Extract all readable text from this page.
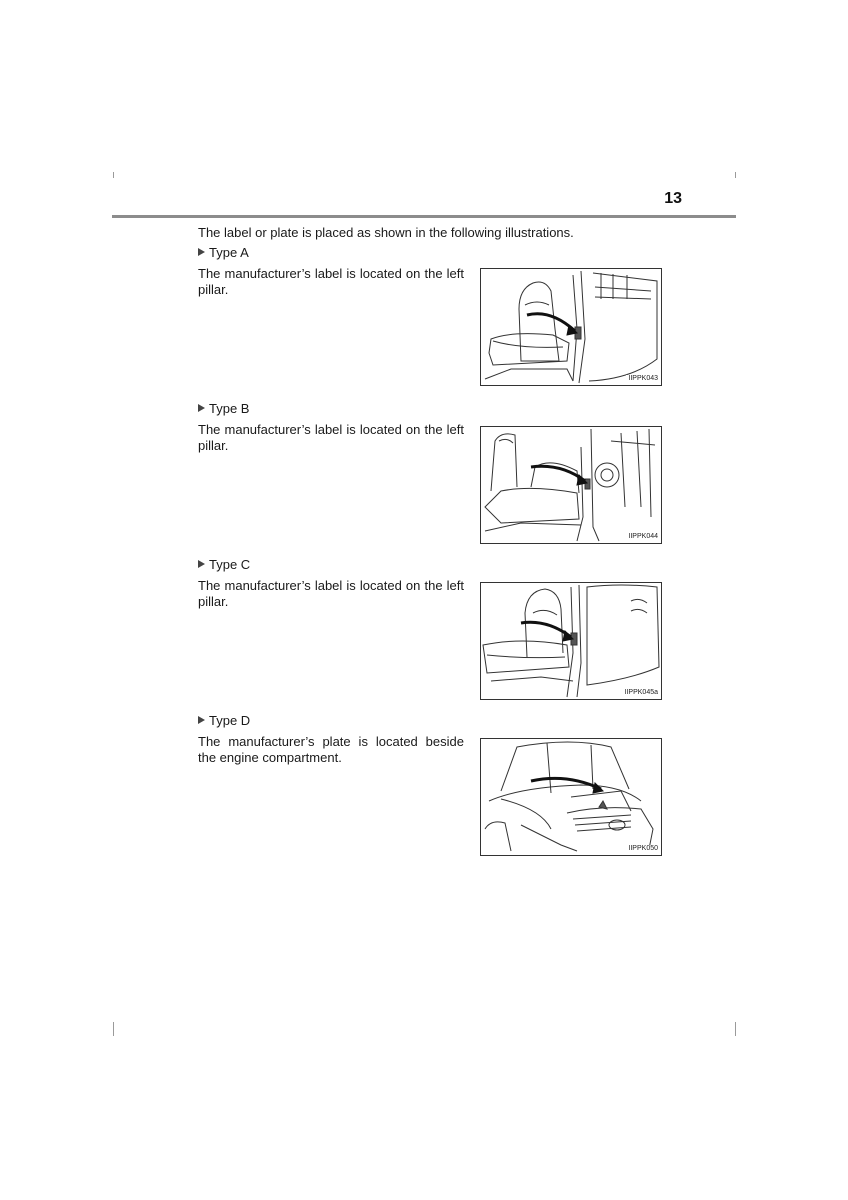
13
The label or plate is placed as shown in the following illustrations.
Type A
The manufacturer’s label is located on the left pillar.
IIPPK043
Type B
The manufacturer’s label is located on the left pillar.
IIPPK044
Type C
The manufacturer’s label is located on the left pillar.
IIPPK045a
Type D
The manufacturer’s plate is located beside the engine compartment.
IIPPK050
